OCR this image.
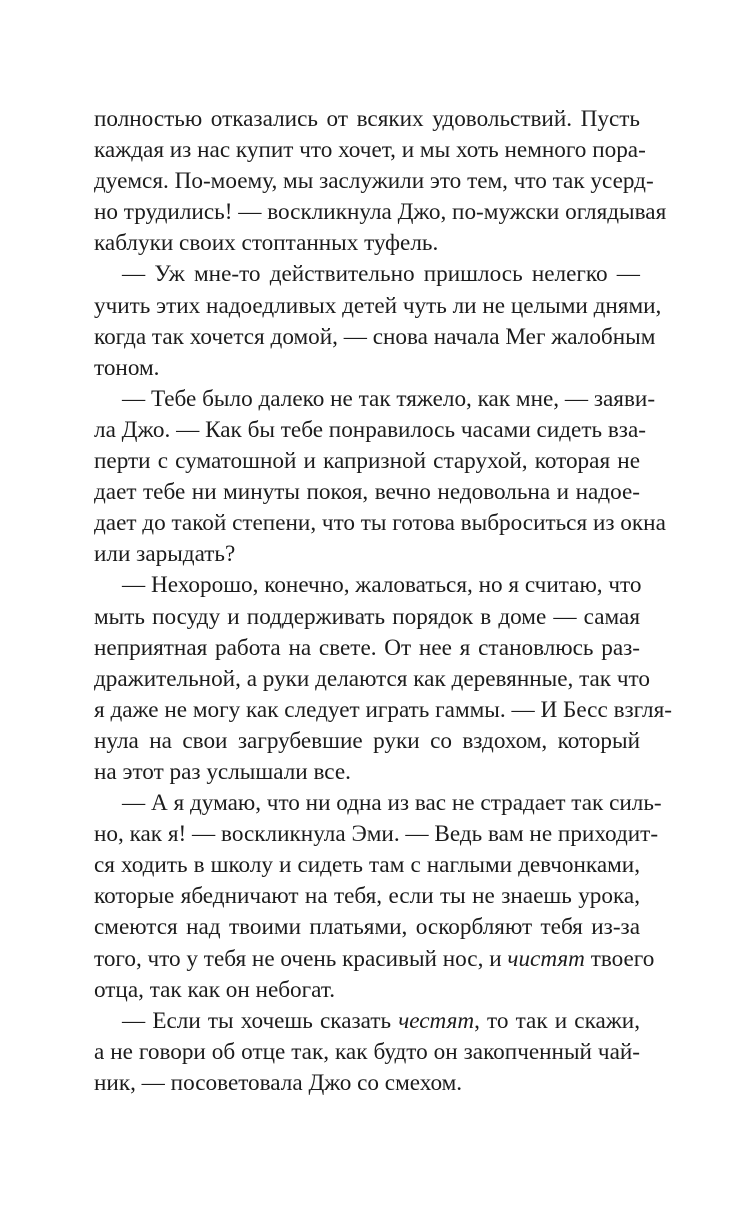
полностью отказались от всяких удовольствий. Пусть
каждая из нас купит что хочет, и мы хоть немного пора-
дуемся. По-моему, мы заслужили это тем, что так усерд-
но трудились! — воскликнула Джо, по-мужски оглядывая
каблуки своих стоптанных туфель.
— Уж мне-то действительно пришлось нелегко —
учить этих надоедливых детей чуть ли не целыми днями,
когда так хочется домой, — снова начала Мег жалобным
тоном.
— Тебе было далеко не так тяжело, как мне, — заяви-
ла Джо. — Как бы тебе понравилось часами сидеть вза-
перти с суматошной и капризной старухой, которая не
дает тебе ни минуты покоя, вечно недовольна и надое-
дает до такой степени, что ты готова выброситься из окна
или зарыдать?
— Нехорошо, конечно, жаловаться, но я считаю, что
мыть посуду и поддерживать порядок в доме — самая
неприятная работа на свете. От нее я становлюсь раз-
дражительной, а руки делаются как деревянные, так что
я даже не могу как следует играть гаммы. — И Бесс взгля-
нула на свои загрубевшие руки со вздохом, который
на этот раз услышали все.
— А я думаю, что ни одна из вас не страдает так силь-
но, как я! — воскликнула Эми. — Ведь вам не приходит-
ся ходить в школу и сидеть там с наглыми девчонками,
которые ябедничают на тебя, если ты не знаешь урока,
смеются над твоими платьями, оскорбляют тебя из-за
того, что у тебя не очень красивый нос, и чистят твоего
отца, так как он небогат.
— Если ты хочешь сказать честят, то так и скажи,
а не говори об отце так, как будто он закопченный чай-
ник, — посоветовала Джо со смехом.
